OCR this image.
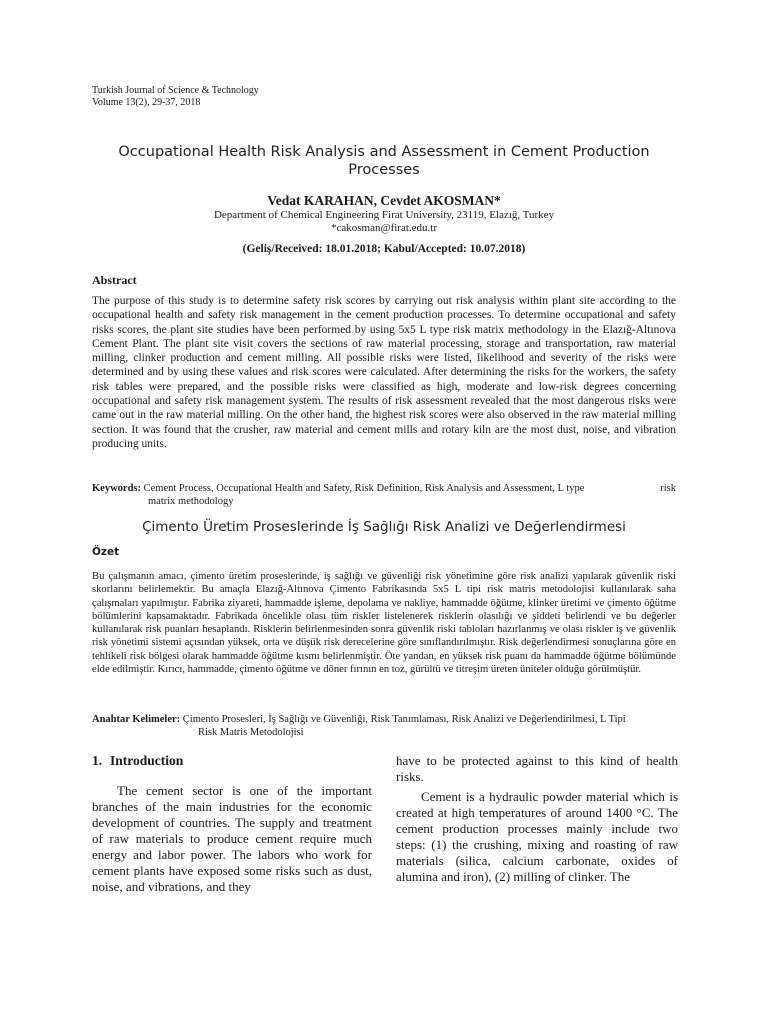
Turkish Journal of Science & Technology
Volume 13(2), 29-37, 2018
Occupational Health Risk Analysis and Assessment in Cement Production Processes
Vedat KARAHAN, Cevdet AKOSMAN*
Department of Chemical Engineering Firat University, 23119, Elazığ, Turkey
*cakosman@firat.edu.tr
(Geliş/Received: 18.01.2018; Kabul/Accepted: 10.07.2018)
Abstract
The purpose of this study is to determine safety risk scores by carrying out risk analysis within plant site according to the occupational health and safety risk management in the cement production processes. To determine occupational and safety risks scores, the plant site studies have been performed by using 5x5 L type risk matrix methodology in the Elazığ-Altınova Cement Plant. The plant site visit covers the sections of raw material processing, storage and transportation, raw material milling, clinker production and cement milling. All possible risks were listed, likelihood and severity of the risks were determined and by using these values and risk scores were calculated. After determining the risks for the workers, the safety risk tables were prepared, and the possible risks were classified as high, moderate and low-risk degrees concerning occupational and safety risk management system. The results of risk assessment revealed that the most dangerous risks were came out in the raw material milling. On the other hand, the highest risk scores were also observed in the raw material milling section. It was found that the crusher, raw material and cement mills and rotary kiln are the most dust, noise, and vibration producing units.
Keywords: Cement Process, Occupational Health and Safety, Risk Definition, Risk Analysis and Assessment, L type	risk
matrix methodology
Çimento Üretim Proseslerinde İş Sağlığı Risk Analizi ve Değerlendirmesi
Özet
Bu çalışmanın amacı, çimento üretim proseslerinde, iş sağlığı ve güvenliği risk yönetimine göre risk analizi yapılarak güvenlik riski skorlarını belirlemektir. Bu amaçla Elazığ-Altınova Çimento Fabrikasında 5x5 L tipi risk matris metodolojisi kullanılarak saha çalışmaları yapılmıştır. Fabrika ziyareti, hammadde işleme, depolama ve nakliye, hammadde öğütme, klinker üretimi ve çimento öğütme bölümlerini kapsamaktadır. Fabrikada öncelikle olası tüm riskler listelenerek risklerin olasılığı ve şiddeti belirlendi ve bu değerler kullanılarak risk puanları hesaplandı. Risklerin belirlenmesinden sonra güvenlik riski tabloları hazırlanmış ve olası riskler iş ve güvenlik risk yönetimi sistemi açısından yüksek, orta ve düşük risk derecelerine göre sınıflandırılmıştır. Risk değerlendirmesi sonuçlarına göre en tehlikeli risk bölgesi olarak hammadde öğütme kısmı belirlenmiştir. Öte yandan, en yüksek risk puanı da hammadde öğütme bölümünde elde edilmiştir. Kırıcı, hammadde, çimento öğütme ve döner fırının en toz, gürültü ve titreşim üreten üniteler olduğu görülmüştür.
Anahtar Kelimeler: Çimento Prosesleri, İş Sağlığı ve Güvenliği, Risk Tanımlaması, Risk Analizi ve Değerlendirilmesi, L Tipi
Risk Matris Metodolojisi
1. Introduction

The cement sector is one of the important branches of the main industries for the economic development of countries. The supply and treatment of raw materials to produce cement require much energy and labor power. The labors who work for cement plants have exposed some risks such as dust, noise, and vibrations, and they

have to be protected against to this kind of health risks.

Cement is a hydraulic powder material which is created at high temperatures of around 1400 °C. The cement production processes mainly include two steps: (1) the crushing, mixing and roasting of raw materials (silica, calcium carbonate, oxides of alumina and iron), (2) milling of clinker. The
